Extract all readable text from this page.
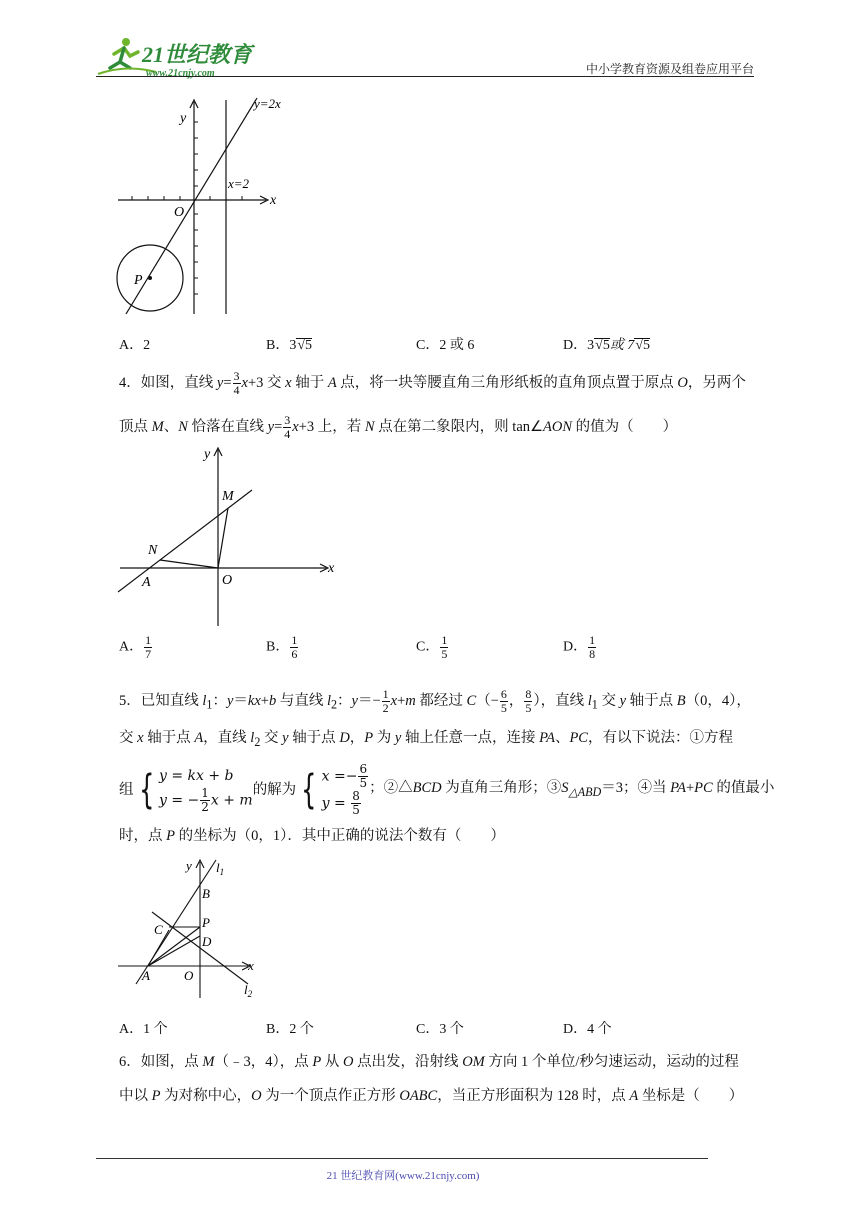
21世纪教育
www.21cnjy.com	中小学教育资源及组卷应用平台
y
x
O
y=2x
x=2
P
A．2	B．3√5	C．2 或 6	D．3√5或 7√5
4．如图，直线 $y= \frac{3}{4} x+3$ 交 x 轴于 A 点，将一块等腰直角三角形纸板的直角顶点置于原点 O，另两个
顶点 M、N 恰落在直线 $y= \frac{3}{4} x+3$ 上，若 N 点在第二象限内，则 tan∠AON 的值为（　　）
y
x
M
N
A	O
A． $\frac{1}{7}$	B． $\frac{1}{6}$	C． $\frac{1}{5}$	D． $\frac{1}{8}$
5．已知直线 $l_1$：y＝kx+b 与直线 $l_2$：$y=- \frac{1}{2} x+m$ 都经过 $C(- \frac{6}{5}$ ， $\frac{8}{5}$ ），直线 $l_1$ 交 y 轴于点 B（0，4），
交 x 轴于点 A，直线 $l_2$ 交 y 轴于点 D，P 为 y 轴上任意一点，连接 PA、PC，有以下说法：①方程
组 { y = kx + b
y = − $\frac{1}{2}$ x + m的解为 { $x =- \frac{6}{5}$

$y = \frac{8}{5}$
；②△BCD 为直角三角形；$③S_{\triangle ABD}=3$；④当 PA+PC 的值最小
时，点 P 的坐标为（0，1）．其中正确的说法个数有（　　）
y $l_1$
B
P
C
D
x
A	O
$l_2$
A．1 个	B．2 个	C．3 个	D．4 个
6．如图，点 M（﹣3，4），点 P 从 O 点出发，沿射线 OM 方向 1 个单位/秒匀速运动，运动的过程
中以 P 为对称中心，O 为一个顶点作正方形 OABC，当正方形面积为 128 时，点 A 坐标是（　　）
21 世纪教育网(www.21cnjy.com)
